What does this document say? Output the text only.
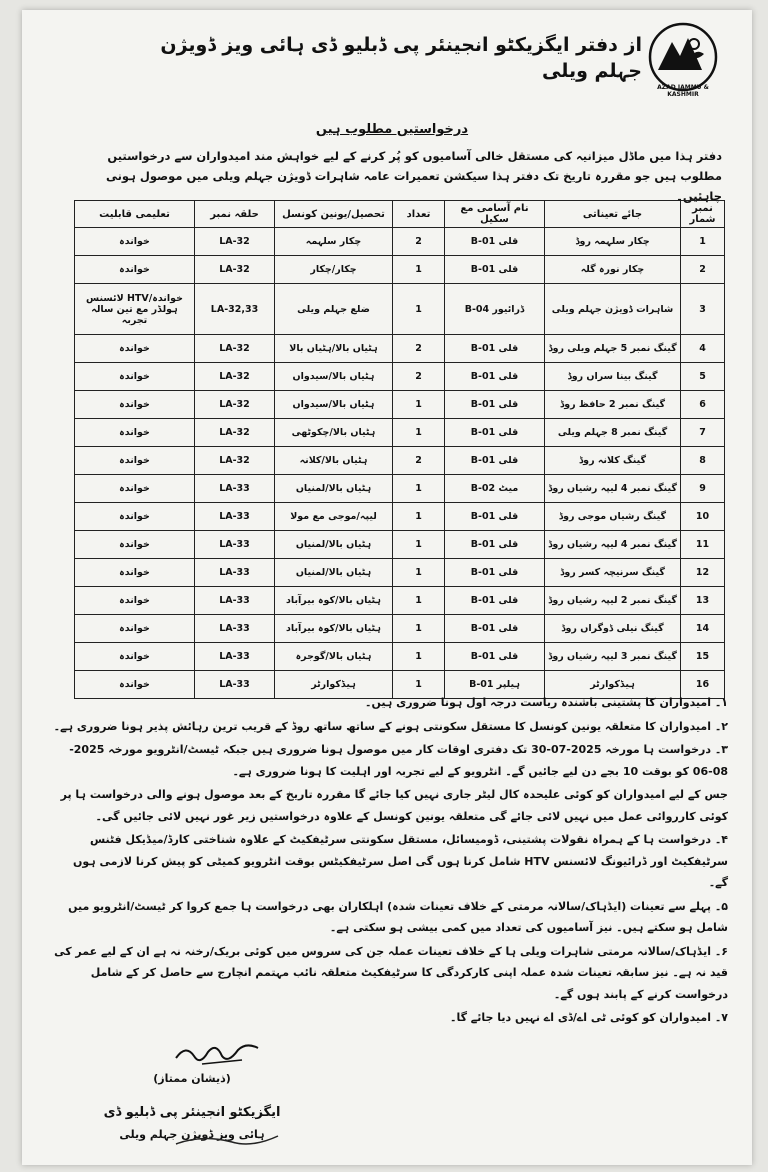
AZAD JAMMU & KASHMIR
از دفتر ایگزیکٹو انجینئر پی ڈبلیو ڈی ہائی ویز ڈویژن جہلم ویلی
درخواستیں مطلوب ہیں
دفتر ہذا میں ماڈل میزانیہ کی مستقل خالی آسامیوں کو پُر کرنے کے لیے خواہش مند امیدواران سے درخواستیں مطلوب ہیں جو مقررہ تاریخ تک دفتر ہذا سیکشن تعمیرات عامہ شاہرات ڈویژن جہلم ویلی میں موصول ہونی چاہئیں۔
نمبر شمار	جائے تعیناتی	نام آسامی مع سکیل	تعداد	تحصیل/یونین کونسل	حلقہ نمبر	تعلیمی قابلیت
1	چکار سلہمہ روڈ	قلی B-01	2	چکار سلہمہ	LA-32	خواندہ
2	چکار نورہ گلہ	قلی B-01	1	چکار/چکار	LA-32	خواندہ
3	شاہرات ڈویژن جہلم ویلی	ڈرائیور B-04	1	ضلع جہلم ویلی	LA-32,33	خواندہ/HTV لائسنس ہولڈر مع تین سالہ تجربہ
4	گینگ نمبر 5 جہلم ویلی روڈ	قلی B-01	2	ہٹیاں بالا/ہٹیاں بالا	LA-32	خواندہ
5	گینگ بینا سراں روڈ	قلی B-01	2	ہٹیاں بالا/سیدواں	LA-32	خواندہ
6	گینگ نمبر 2 حافظ روڈ	قلی B-01	1	ہٹیاں بالا/سیدواں	LA-32	خواندہ
7	گینگ نمبر 8 جہلم ویلی	قلی B-01	1	ہٹیاں بالا/چکوٹھی	LA-32	خواندہ
8	گینگ کلانہ روڈ	قلی B-01	2	ہٹیاں بالا/کلانہ	LA-32	خواندہ
9	گینگ نمبر 4 لیپہ رشیاں روڈ	میٹ B-02	1	ہٹیاں بالا/لمنیاں	LA-33	خواندہ
10	گینگ رشیاں موجی روڈ	قلی B-01	1	لیپہ/موجی مع مولا	LA-33	خواندہ
11	گینگ نمبر 4 لیپہ رشیاں روڈ	قلی B-01	1	ہٹیاں بالا/لمنیاں	LA-33	خواندہ
12	گینگ سرنیچہ کسر روڈ	قلی B-01	1	ہٹیاں بالا/لمنیاں	LA-33	خواندہ
13	گینگ نمبر 2 لیپہ رشیاں روڈ	قلی B-01	1	ہٹیاں بالا/کوہ بیرآباد	LA-33	خواندہ
14	گینگ نیلی ڈوگراں روڈ	قلی B-01	1	ہٹیاں بالا/کوہ بیرآباد	LA-33	خواندہ
15	گینگ نمبر 3 لیپہ رشیاں روڈ	قلی B-01	1	ہٹیاں بالا/گوجرہ	LA-33	خواندہ
16	ہیڈکوارٹر	ہیلپر B-01	1	ہیڈکوارٹر	LA-33	خواندہ

۱۔ امیدواران کا پشتینی باشندہ ریاست درجہ اول ہونا ضروری ہیں۔

۲۔ امیدواران کا متعلقہ یونین کونسل کا مستقل سکونتی ہونے کے ساتھ ساتھ روڈ کے قریب ترین رہائش پذیر ہونا ضروری ہے۔

۳۔ درخواست ہا مورخہ 2025-07-30 تک دفتری اوقات کار میں موصول ہونا ضروری ہیں جبکہ ٹیسٹ/انٹرویو مورخہ 2025-08-06 کو بوقت 10 بجے دن لیے جائیں گے۔ انٹرویو کے لیے تجربہ اور اہلیت کا ہونا ضروری ہے۔

جس کے لیے امیدواران کو کوئی علیحدہ کال لیٹر جاری نہیں کیا جائے گا مقررہ تاریخ کے بعد موصول ہونے والی درخواست ہا پر کوئی کارروائی عمل میں نہیں لائی جائے گی متعلقہ یونین کونسل کے علاوہ درخواستیں زیر غور نہیں لائی جائیں گی۔

۴۔ درخواست ہا کے ہمراہ نقولات پشتینی، ڈومیسائل، مستقل سکونتی سرٹیفکیٹ کے علاوہ شناختی کارڈ/میڈیکل فٹنس سرٹیفکیٹ اور ڈرائیونگ لائسنس HTV شامل کرنا ہوں گی اصل سرٹیفکیٹس بوقت انٹرویو کمیٹی کو پیش کرنا لازمی ہوں گے۔

۵۔ پہلے سے تعینات (ایڈہاک/سالانہ مرمتی کے خلاف تعینات شدہ) اہلکاران بھی درخواست ہا جمع کروا کر ٹیسٹ/انٹرویو میں شامل ہو سکتے ہیں۔ نیز آسامیوں کی تعداد میں کمی بیشی ہو سکتی ہے۔

۶۔ ایڈہاک/سالانہ مرمتی شاہرات ویلی ہا کے خلاف تعینات عملہ جن کی سروس میں کوئی بریک/رخنہ نہ ہے ان کے لیے عمر کی قید نہ ہے۔ نیز سابقہ تعینات شدہ عملہ اپنی کارکردگی کا سرٹیفکیٹ متعلقہ نائب مہتمم انچارج سے حاصل کر کے شامل درخواست کرنے کے پابند ہوں گے۔

۷۔ امیدواران کو کوئی ٹی اے/ڈی اے نہیں دیا جائے گا۔

(ذیشان ممتاز)
ایگزیکٹو انجینئر پی ڈبلیو ڈی
ہائی ویز ڈویژن جہلم ویلی
